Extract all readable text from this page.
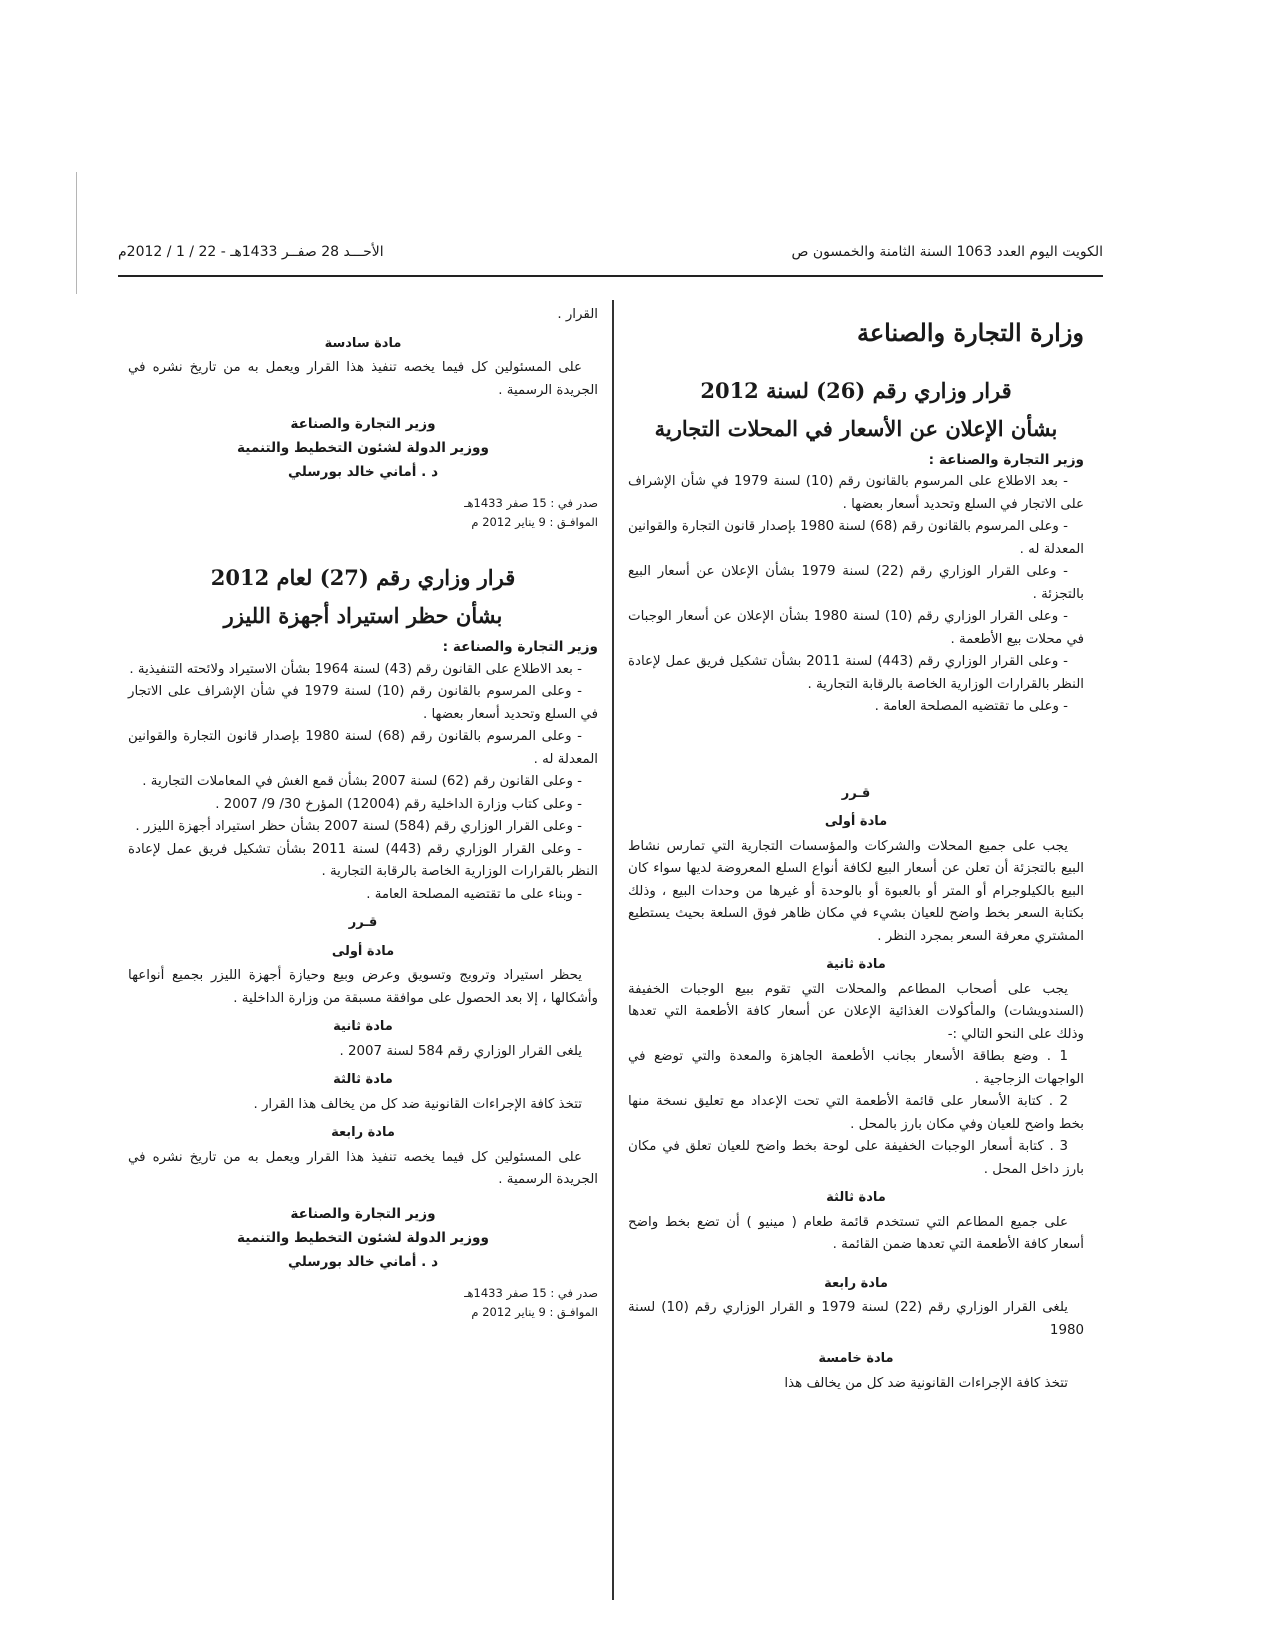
الكويت اليوم العدد 1063 السنة الثامنة والخمسون ص
الأحـــد 28 صفــر 1433هـ - 22 / 1 / 2012م
وزارة التجارة والصناعة
قرار وزاري رقم (26) لسنة 2012
بشأن الإعلان عن الأسعار في المحلات التجارية
وزير التجارة والصناعة :

- بعد الاطلاع على المرسوم بالقانون رقم (10) لسنة 1979 في شأن الإشراف على الاتجار في السلع وتحديد أسعار بعضها .

- وعلى المرسوم بالقانون رقم (68) لسنة 1980 بإصدار قانون التجارة والقوانين المعدلة له .

- وعلى القرار الوزاري رقم (22) لسنة 1979 بشأن الإعلان عن أسعار البيع بالتجزئة .

- وعلى القرار الوزاري رقم (10) لسنة 1980 بشأن الإعلان عن أسعار الوجبات في محلات بيع الأطعمة .

- وعلى القرار الوزاري رقم (443) لسنة 2011 بشأن تشكيل فريق عمل لإعادة النظر بالقرارات الوزارية الخاصة بالرقابة التجارية .

- وعلى ما تقتضيه المصلحة العامة .

قـرر
مادة أولى

يجب على جميع المحلات والشركات والمؤسسات التجارية التي تمارس نشاط البيع بالتجزئة أن تعلن عن أسعار البيع لكافة أنواع السلع المعروضة لديها سواء كان البيع بالكيلوجرام أو المتر أو بالعبوة أو بالوحدة أو غيرها من وحدات البيع ، وذلك بكتابة السعر بخط واضح للعيان بشيء في مكان ظاهر فوق السلعة بحيث يستطيع المشتري معرفة السعر بمجرد النظر .

مادة ثانية

يجب على أصحاب المطاعم والمحلات التي تقوم ببيع الوجبات الخفيفة (السندويشات) والمأكولات الغذائية الإعلان عن أسعار كافة الأطعمة التي تعدها وذلك على النحو التالي :-

1 . وضع بطاقة الأسعار بجانب الأطعمة الجاهزة والمعدة والتي توضع في الواجهات الزجاجية .

2 . كتابة الأسعار على قائمة الأطعمة التي تحت الإعداد مع تعليق نسخة منها بخط واضح للعيان وفي مكان بارز بالمحل .

3 . كتابة أسعار الوجبات الخفيفة على لوحة بخط واضح للعيان تعلق في مكان بارز داخل المحل .

مادة ثالثة

على جميع المطاعم التي تستخدم قائمة طعام ( مينيو ) أن تضع بخط واضح أسعار كافة الأطعمة التي تعدها ضمن القائمة .

مادة رابعة

يلغى القرار الوزاري رقم (22) لسنة 1979 و القرار الوزاري رقم (10) لسنة 1980

مادة خامسة

تتخذ كافة الإجراءات القانونية ضد كل من يخالف هذا

القرار .

مادة سادسة

على المسئولين كل فيما يخصه تنفيذ هذا القرار ويعمل به من تاريخ نشره في الجريدة الرسمية .

وزير التجارة والصناعة
ووزير الدولة لشئون التخطيط والتنمية
د . أماني خالد بورسلي
صدر في : 15 صفر 1433هـ
الموافـق : 9 يناير 2012 م
قرار وزاري رقم (27) لعام 2012
بشأن حظر استيراد أجهزة الليزر
وزير التجارة والصناعة :

- بعد الاطلاع على القانون رقم (43) لسنة 1964 بشأن الاستيراد ولائحته التنفيذية .

- وعلى المرسوم بالقانون رقم (10) لسنة 1979 في شأن الإشراف على الاتجار في السلع وتحديد أسعار بعضها .

- وعلى المرسوم بالقانون رقم (68) لسنة 1980 بإصدار قانون التجارة والقوانين المعدلة له .

- وعلى القانون رقم (62) لسنة 2007 بشأن قمع الغش في المعاملات التجارية .

- وعلى كتاب وزارة الداخلية رقم (12004) المؤرخ 30/ 9/ 2007 .

- وعلى القرار الوزاري رقم (584) لسنة 2007 بشأن حظر استيراد أجهزة الليزر .

- وعلى القرار الوزاري رقم (443) لسنة 2011 بشأن تشكيل فريق عمل لإعادة النظر بالقرارات الوزارية الخاصة بالرقابة التجارية .

- وبناء على ما تقتضيه المصلحة العامة .

قـرر
مادة أولى

يحظر استيراد وترويج وتسويق وعرض وبيع وحيازة أجهزة الليزر بجميع أنواعها وأشكالها ، إلا بعد الحصول على موافقة مسبقة من وزارة الداخلية .

مادة ثانية

يلغى القرار الوزاري رقم 584 لسنة 2007 .

مادة ثالثة

تتخذ كافة الإجراءات القانونية ضد كل من يخالف هذا القرار .

مادة رابعة

على المسئولين كل فيما يخصه تنفيذ هذا القرار ويعمل به من تاريخ نشره في الجريدة الرسمية .

وزير التجارة والصناعة
ووزير الدولة لشئون التخطيط والتنمية
د . أماني خالد بورسلي
صدر في : 15 صفر 1433هـ
الموافـق : 9 يناير 2012 م
